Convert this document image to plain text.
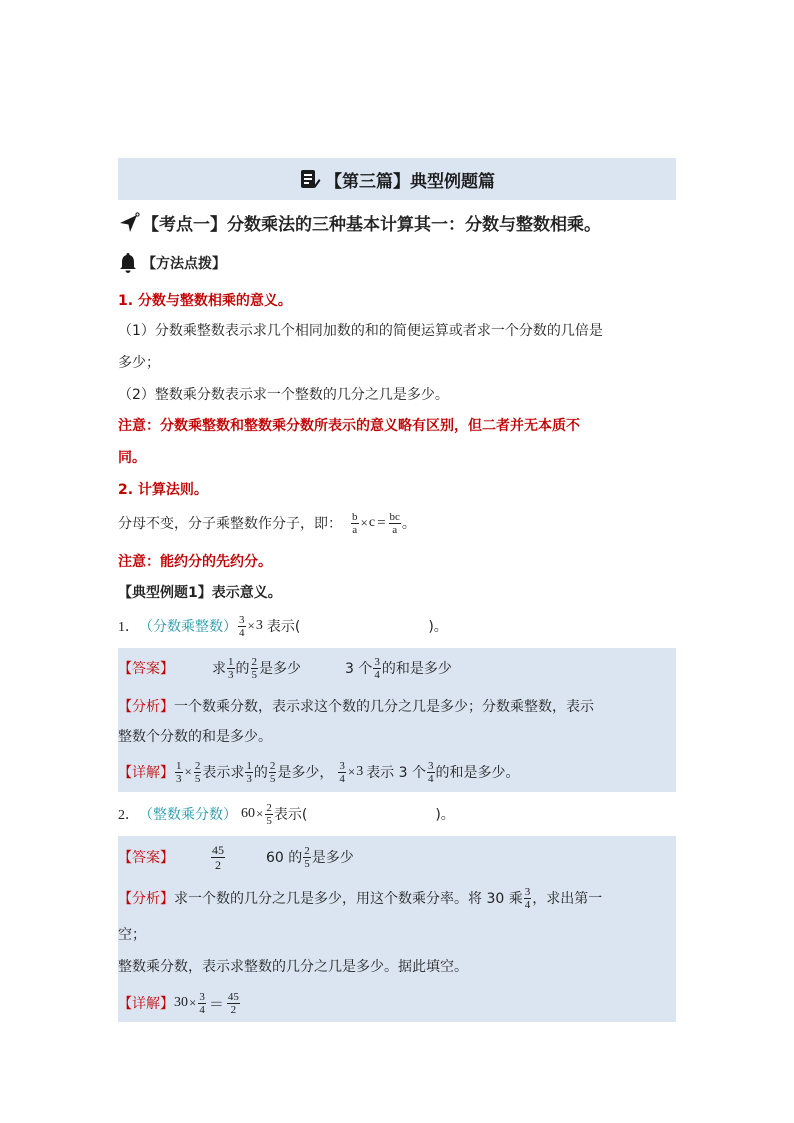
【第三篇】典型例题篇
【考点一】分数乘法的三种基本计算其一：分数与整数相乘。
【方法点拨】
1. 分数与整数相乘的意义。
（1）分数乘整数表示求几个相同加数的和的简便运算或者求一个分数的几倍是
多少；
（2）整数乘分数表示求一个整数的几分之几是多少。
注意：分数乘整数和整数乘分数所表示的意义略有区别，但二者并无本质不
同。
2. 计算法则。
分母不变，分子乘整数作分子，即： $\frac{b}{a} \times c = \frac{bc}{a}$ 。
注意：能约分的先约分。
【典型例题1】表示意义。
1． （分数乘整数） $\frac{3}{4} \times 3$ 表示(	)。
【答案】	求 1
3 的 2
5 是多少	3 个 3
4 的和是多少
【分析】一个数乘分数，表示求这个数的几分之几是多少；分数乘整数，表示
整数个分数的和是多少。
【详解】 $\frac{1}{3} \times \frac{2}{5}$ 表示求 1
3 的 2
5 是多少， $\frac{3}{4} \times 3$ 表示 3 个 3
4 的和是多少。
2． （整数乘分数） $60 \times \frac{2}{5}$ 表示(	)。
【答案】
45
2	60 的 2
5 是多少
【分析】 求一个数的几分之几是多少，用这个数乘分率。将 30 乘 3
4 ，求出第一
空；
整数乘分数，表示求整数的几分之几是多少。据此填空。
【详解】 $30 \times \frac{3}{4} = 45$
2
